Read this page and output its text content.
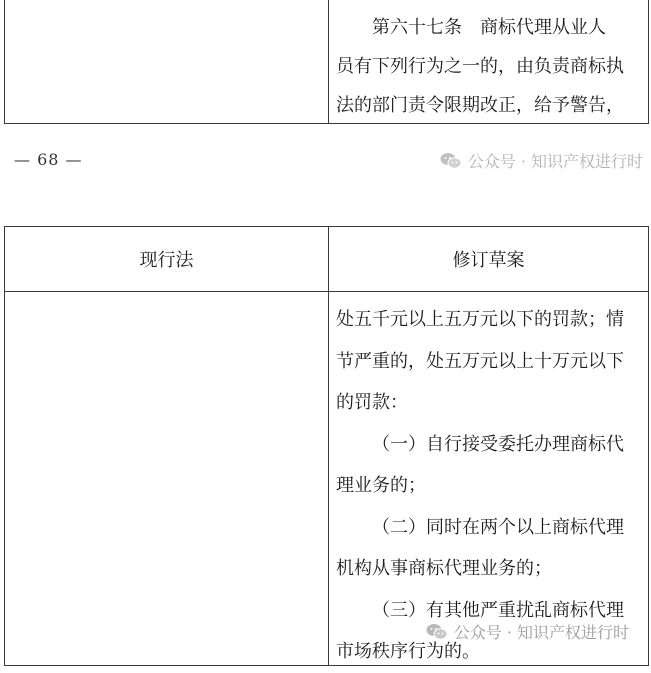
第六十七条　商标代理从业人

员有下列行为之一的，由负责商标执

法的部门责令限期改正，给予警告，

— 68 —	公众号 · 知识产权进行时
现行法	修订草案

处五千元以上五万元以下的罚款；情

节严重的，处五万元以上十万元以下

的罚款：

（一）自行接受委托办理商标代

理业务的；

（二）同时在两个以上商标代理

机构从事商标代理业务的；

（三）有其他严重扰乱商标代理

市场秩序行为的。

公众号 · 知识产权进行时
